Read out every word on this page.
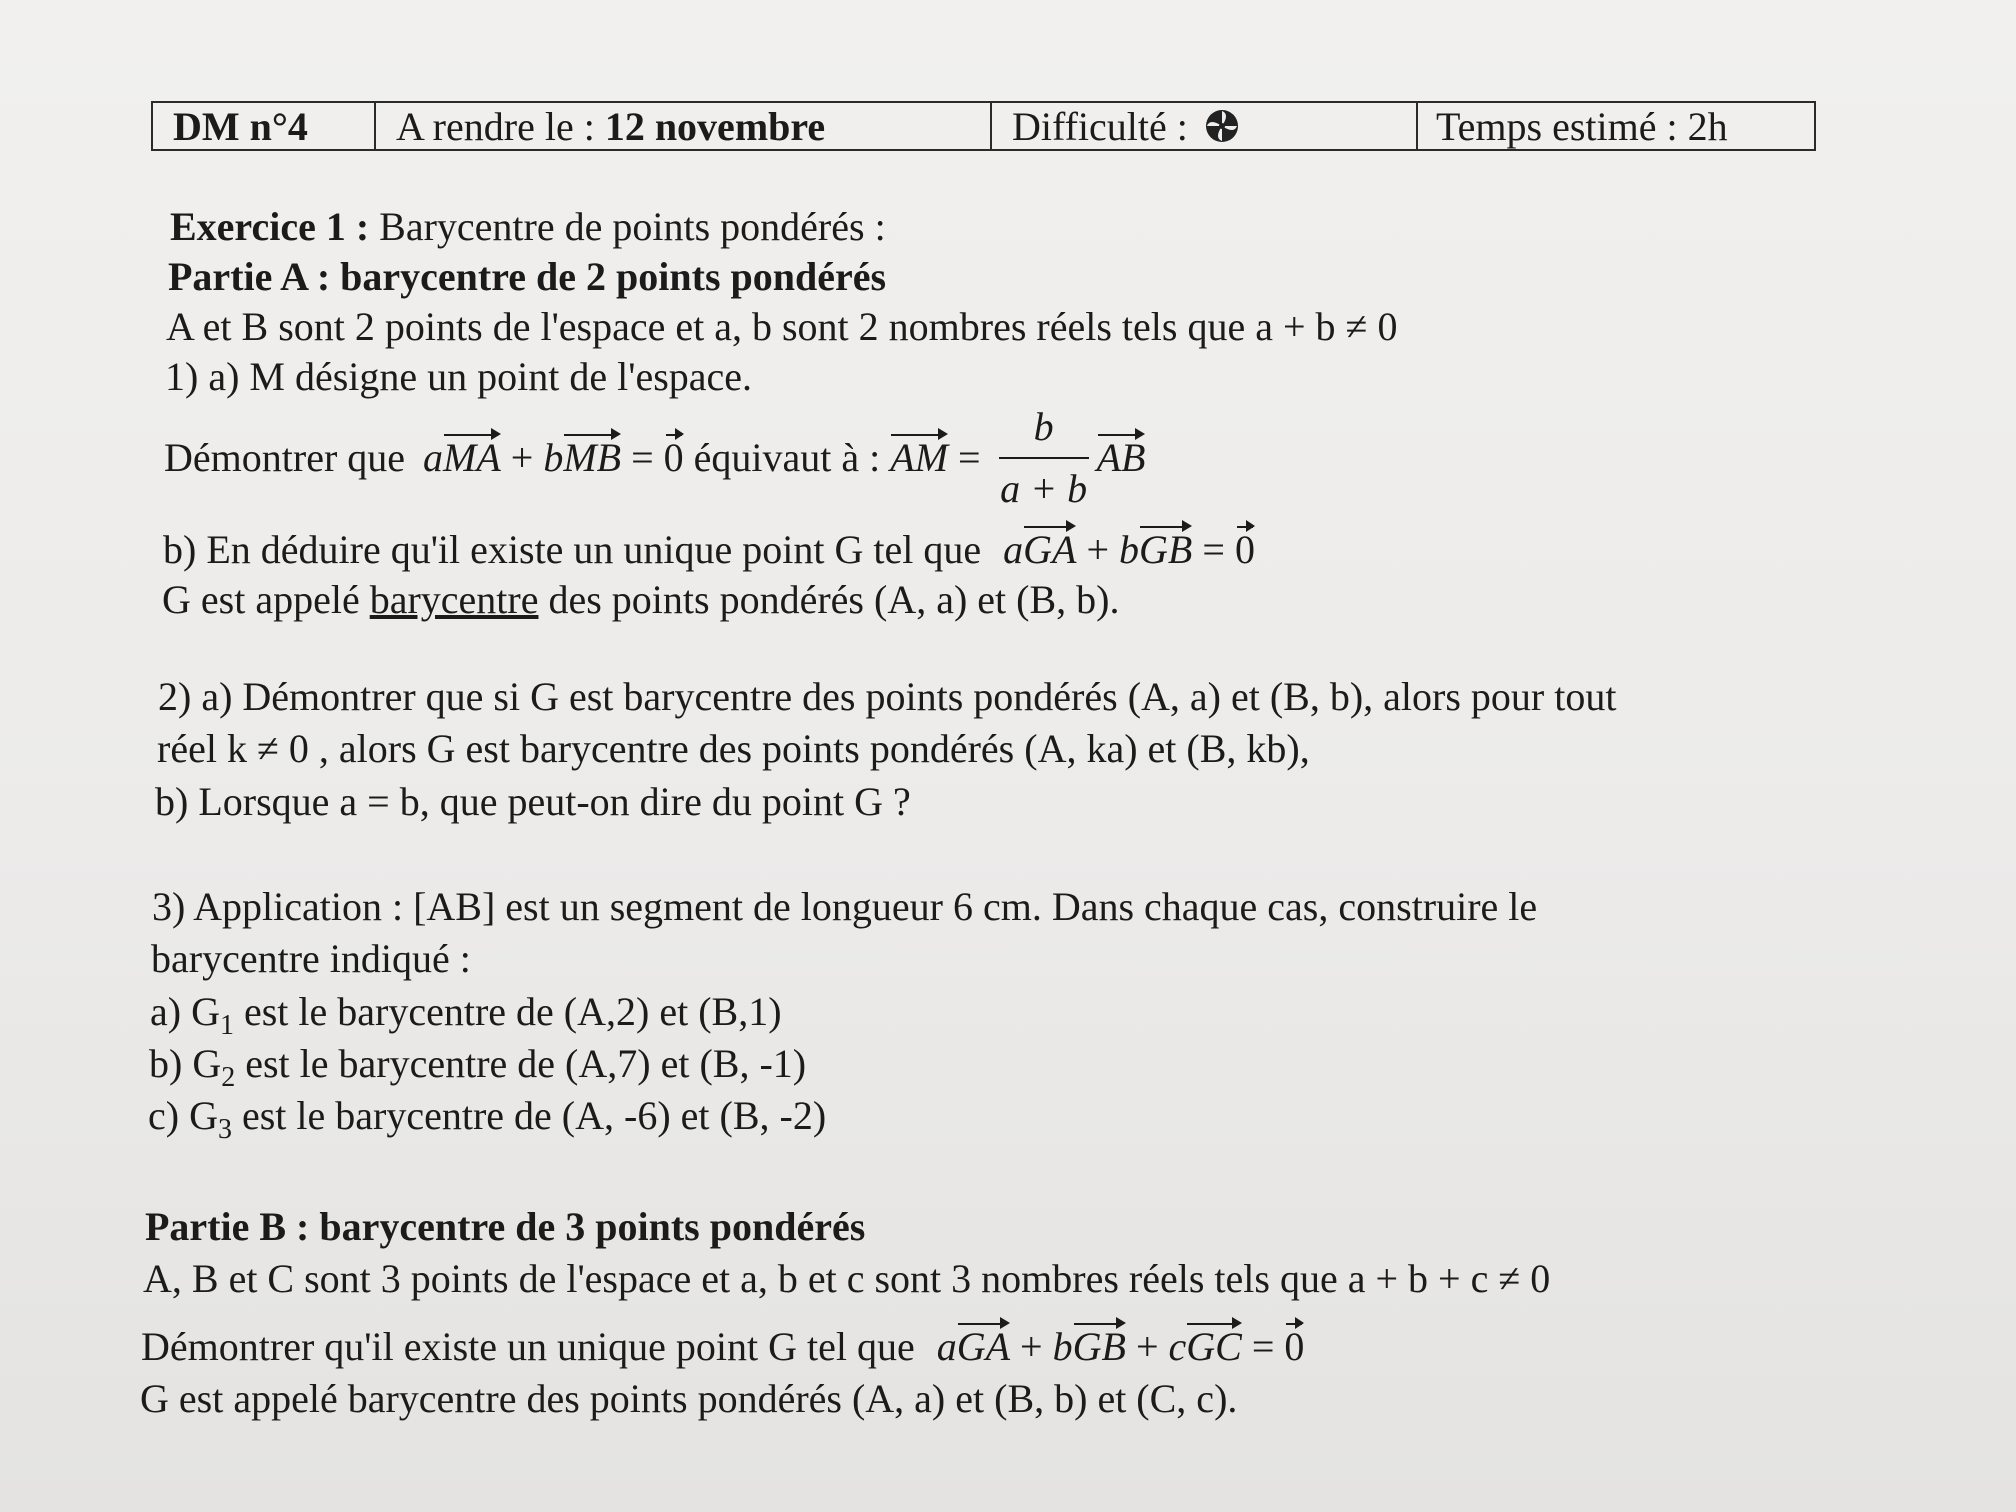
DM n°4	A rendre le : 12 novembre	Difficulté :	Temps estimé : 2h
Exercice 1 : Barycentre de points pondérés :
Partie A : barycentre de 2 points pondérés
A et B sont 2 points de l'espace et a, b sont 2 nombres réels tels que a + b ≠ 0
1) a) M désigne un point de l'espace.
Démontrer que a MA + b MB = 0 équivaut à : AM = $\frac{b}{a + b}$ AB
b) En déduire qu'il existe un unique point G tel que aGA + bGB = 0
G est appelé barycentre des points pondérés (A, a) et (B, b).
2) a) Démontrer que si G est barycentre des points pondérés (A, a) et (B, b), alors pour tout
réel k ≠ 0 , alors G est barycentre des points pondérés (A, ka) et (B, kb),
b) Lorsque a = b, que peut-on dire du point G ?
3) Application : [AB] est un segment de longueur 6 cm. Dans chaque cas, construire le
barycentre indiqué :
a) $G_1$ est le barycentre de (A,2) et (B,1)
b) $G_2$ est le barycentre de (A,7) et (B, -1)
c) $G_3$ est le barycentre de (A, -6) et (B, -2)
Partie B : barycentre de 3 points pondérés
A, B et C sont 3 points de l'espace et a, b et c sont 3 nombres réels tels que a + b + c ≠ 0
Démontrer qu'il existe un unique point G tel que aGA + bGB + cGC = 0
G est appelé barycentre des points pondérés (A, a) et (B, b) et (C, c).
